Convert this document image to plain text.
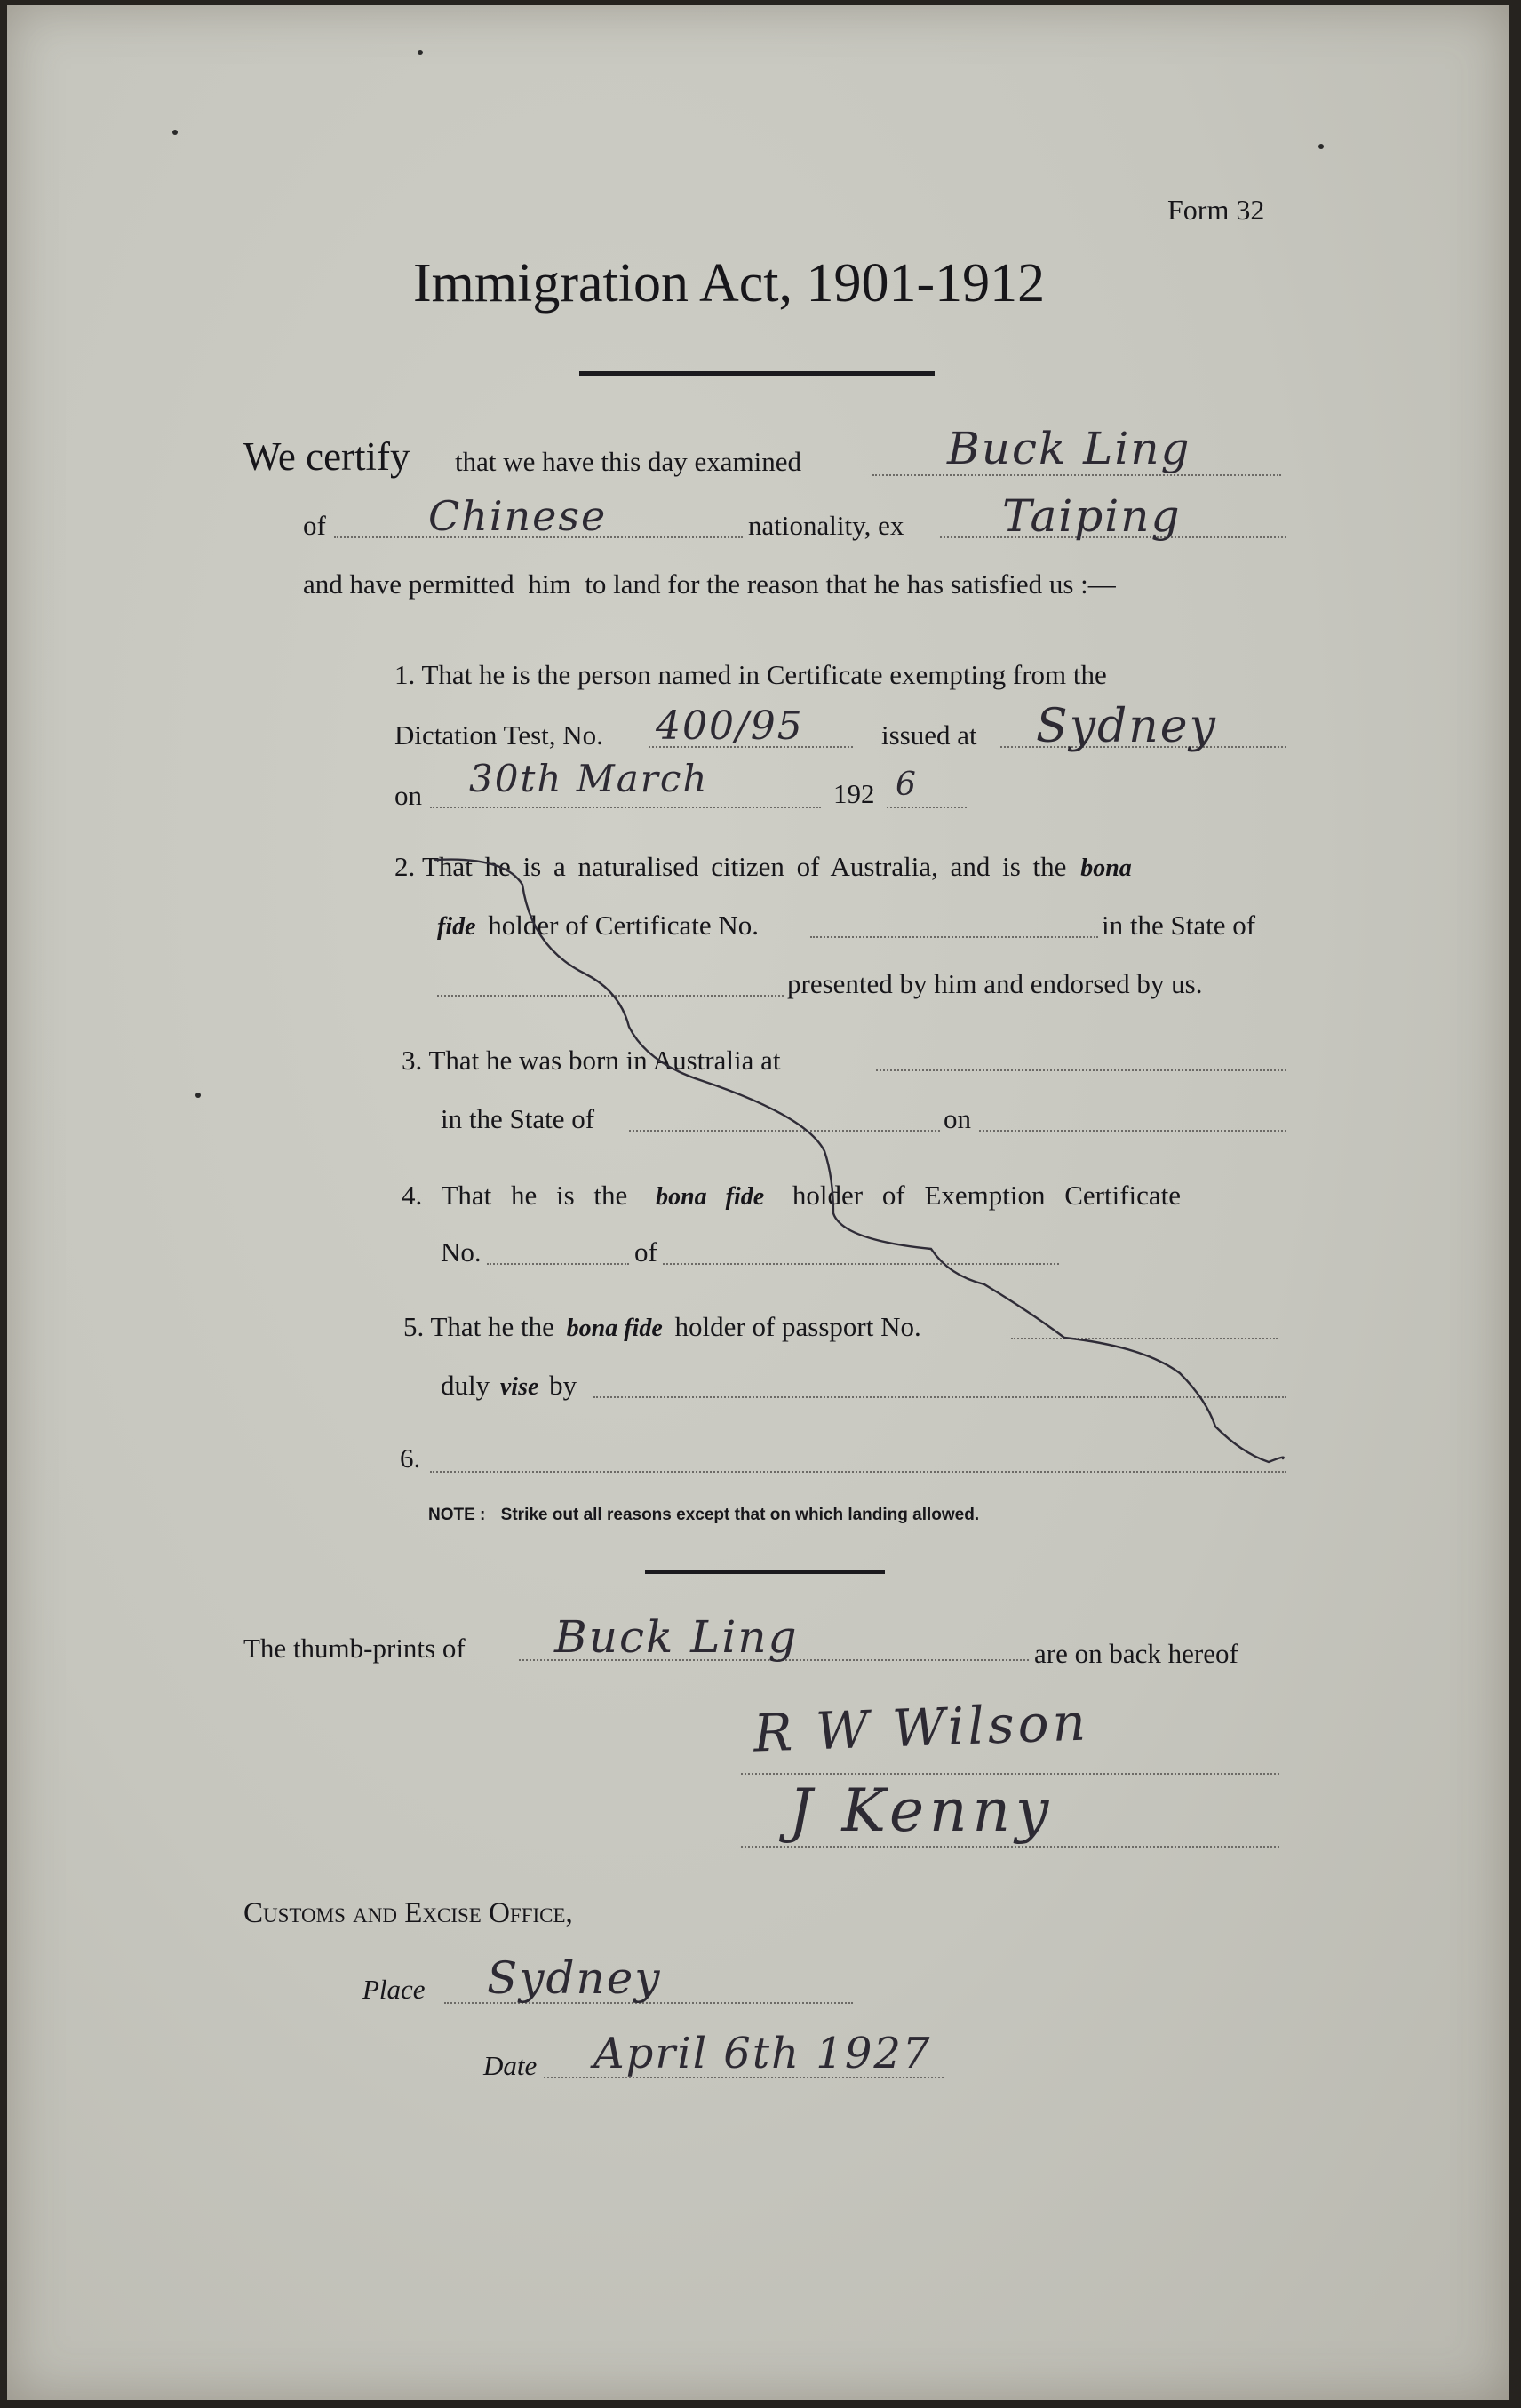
Form 32
Immigration Act, 1901-1912
We certify that we have this day examined	Buck Ling
of	Chinese	nationality, ex Taiping
and have permitted him to land for the reason that he has satisfied us :—
1. That he is the person named in Certificate exempting from the
Dictation Test, No. 400/95	issued at Sydney
on 30th March	192 6
2. That he is a naturalised citizen of Australia, and is the bona
fide holder of Certificate No.	in the State of
presented by him and endorsed by us.
3. That he was born in Australia at
in the State of	on
4. That he is the bona fide holder of Exemption Certificate
No.	of
5. That he the bona fide holder of passport No.
duly vise by
6.
NOTE : Strike out all reasons except that on which landing allowed.
The thumb-prints of Buck Ling	are on back hereof
R W Wilson
J Kenny
Customs and Excise Office,
Place Sydney
Date April 6th 1927
